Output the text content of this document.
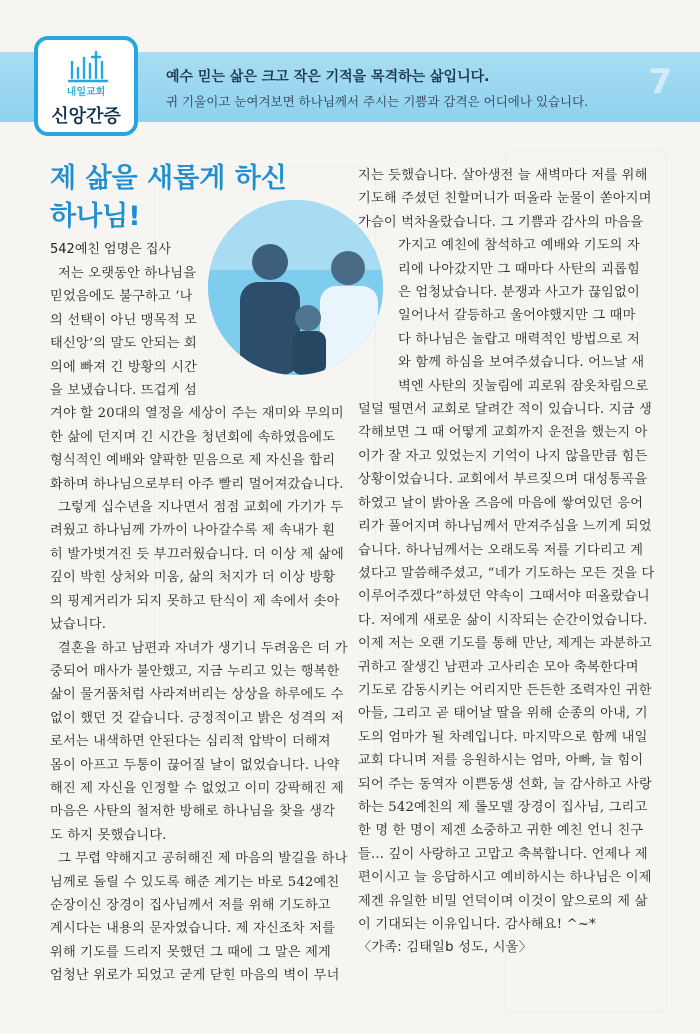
예수 믿는 삶은 크고 작은 기적을 목격하는 삶입니다.
귀 기울이고 눈여겨보면 하나님께서 주시는 기쁨과 감격은 어디에나 있습니다. 7
내일교회
신앙간증
제 삶을 새롭게 하신
하나님!
542예친 엄명은 집사
저는 오랫동안 하나님을
믿었음에도 불구하고 ‘나
의 선택이 아닌 맹목적 모
태신앙’의 말도 안되는 회
의에 빠져 긴 방황의 시간
을 보냈습니다. 뜨겁게 섬
겨야 할 20대의 열정을 세상이 주는 재미와 무의미
한 삶에 던지며 긴 시간을 청년회에 속하였음에도
형식적인 예배와 얄팍한 믿음으로 제 자신을 합리
화하며 하나님으로부터 아주 빨리 멀어져갔습니다.
그렇게 십수년을 지나면서 점점 교회에 가기가 두
려웠고 하나님께 가까이 나아갈수록 제 속내가 훤
히 발가벗겨진 듯 부끄러웠습니다. 더 이상 제 삶에
깊이 박힌 상처와 미움, 삶의 처지가 더 이상 방황
의 핑계거리가 되지 못하고 탄식이 제 속에서 솟아
났습니다.
결혼을 하고 남편과 자녀가 생기니 두려움은 더 가
중되어 매사가 불안했고, 지금 누리고 있는 행복한
삶이 물거품처럼 사라져버리는 상상을 하루에도 수
없이 했던 것 같습니다. 긍정적이고 밝은 성격의 저
로서는 내색하면 안된다는 심리적 압박이 더해져
몸이 아프고 두통이 끊어질 날이 없었습니다. 나약
해진 제 자신을 인정할 수 없었고 이미 강팍해진 제
마음은 사탄의 철저한 방해로 하나님을 찾을 생각
도 하지 못했습니다.
그 무렵 약해지고 공허해진 제 마음의 발길을 하나
님께로 돌릴 수 있도록 해준 계기는 바로 542예친
순장이신 장경이 집사님께서 저를 위해 기도하고
계시다는 내용의 문자였습니다. 제 자신조차 저를
위해 기도를 드리지 못했던 그 때에 그 말은 제게
엄청난 위로가 되었고 굳게 닫힌 마음의 벽이 무너
지는 듯했습니다. 살아생전 늘 새벽마다 저를 위해
기도해 주셨던 친할머니가 떠올라 눈물이 쏟아지며
가슴이 벅차올랐습니다. 그 기쁨과 감사의 마음을
가지고 예친에 참석하고 예배와 기도의 자
리에 나아갔지만 그 때마다 사탄의 괴롭힘
은 엄청났습니다. 분쟁과 사고가 끊임없이
일어나서 갈등하고 울어야했지만 그 때마
다 하나님은 놀랍고 매력적인 방법으로 저
와 함께 하심을 보여주셨습니다. 어느날 새
벽엔 사탄의 짓눌림에 괴로워 잠옷차림으로
덜덜 떨면서 교회로 달려간 적이 있습니다. 지금 생
각해보면 그 때 어떻게 교회까지 운전을 했는지 아
이가 잘 자고 있었는지 기억이 나지 않을만큼 힘든
상황이었습니다. 교회에서 부르짖으며 대성통곡을
하였고 날이 밝아올 즈음에 마음에 쌓여있던 응어
리가 풀어지며 하나님께서 만져주심을 느끼게 되었
습니다. 하나님께서는 오래도록 저를 기다리고 계
셨다고 말씀해주셨고, “네가 기도하는 모든 것을 다
이루어주겠다”하셨던 약속이 그때서야 떠올랐습니
다. 저에게 새로운 삶이 시작되는 순간이었습니다.
이제 저는 오랜 기도를 통해 만난, 제게는 과분하고
귀하고 잘생긴 남편과 고사리손 모아 축복한다며
기도로 감동시키는 어리지만 든든한 조력자인 귀한
아들, 그리고 곧 태어날 딸을 위해 순종의 아내, 기
도의 엄마가 될 차례입니다. 마지막으로 함께 내일
교회 다니며 저를 응원하시는 엄마, 아빠, 늘 힘이
되어 주는 동역자 이쁜동생 선화, 늘 감사하고 사랑
하는 542예친의 제 롤모델 장경이 집사님, 그리고
한 명 한 명이 제겐 소중하고 귀한 예친 언니 친구
들... 깊이 사랑하고 고맙고 축복합니다. 언제나 제
편이시고 늘 응답하시고 예비하시는 하나님은 이제
제겐 유일한 비밀 언덕이며 이것이 앞으로의 제 삶
이 기대되는 이유입니다. 감사해요! ^~*
〈가족: 김태일b 성도, 시울〉
